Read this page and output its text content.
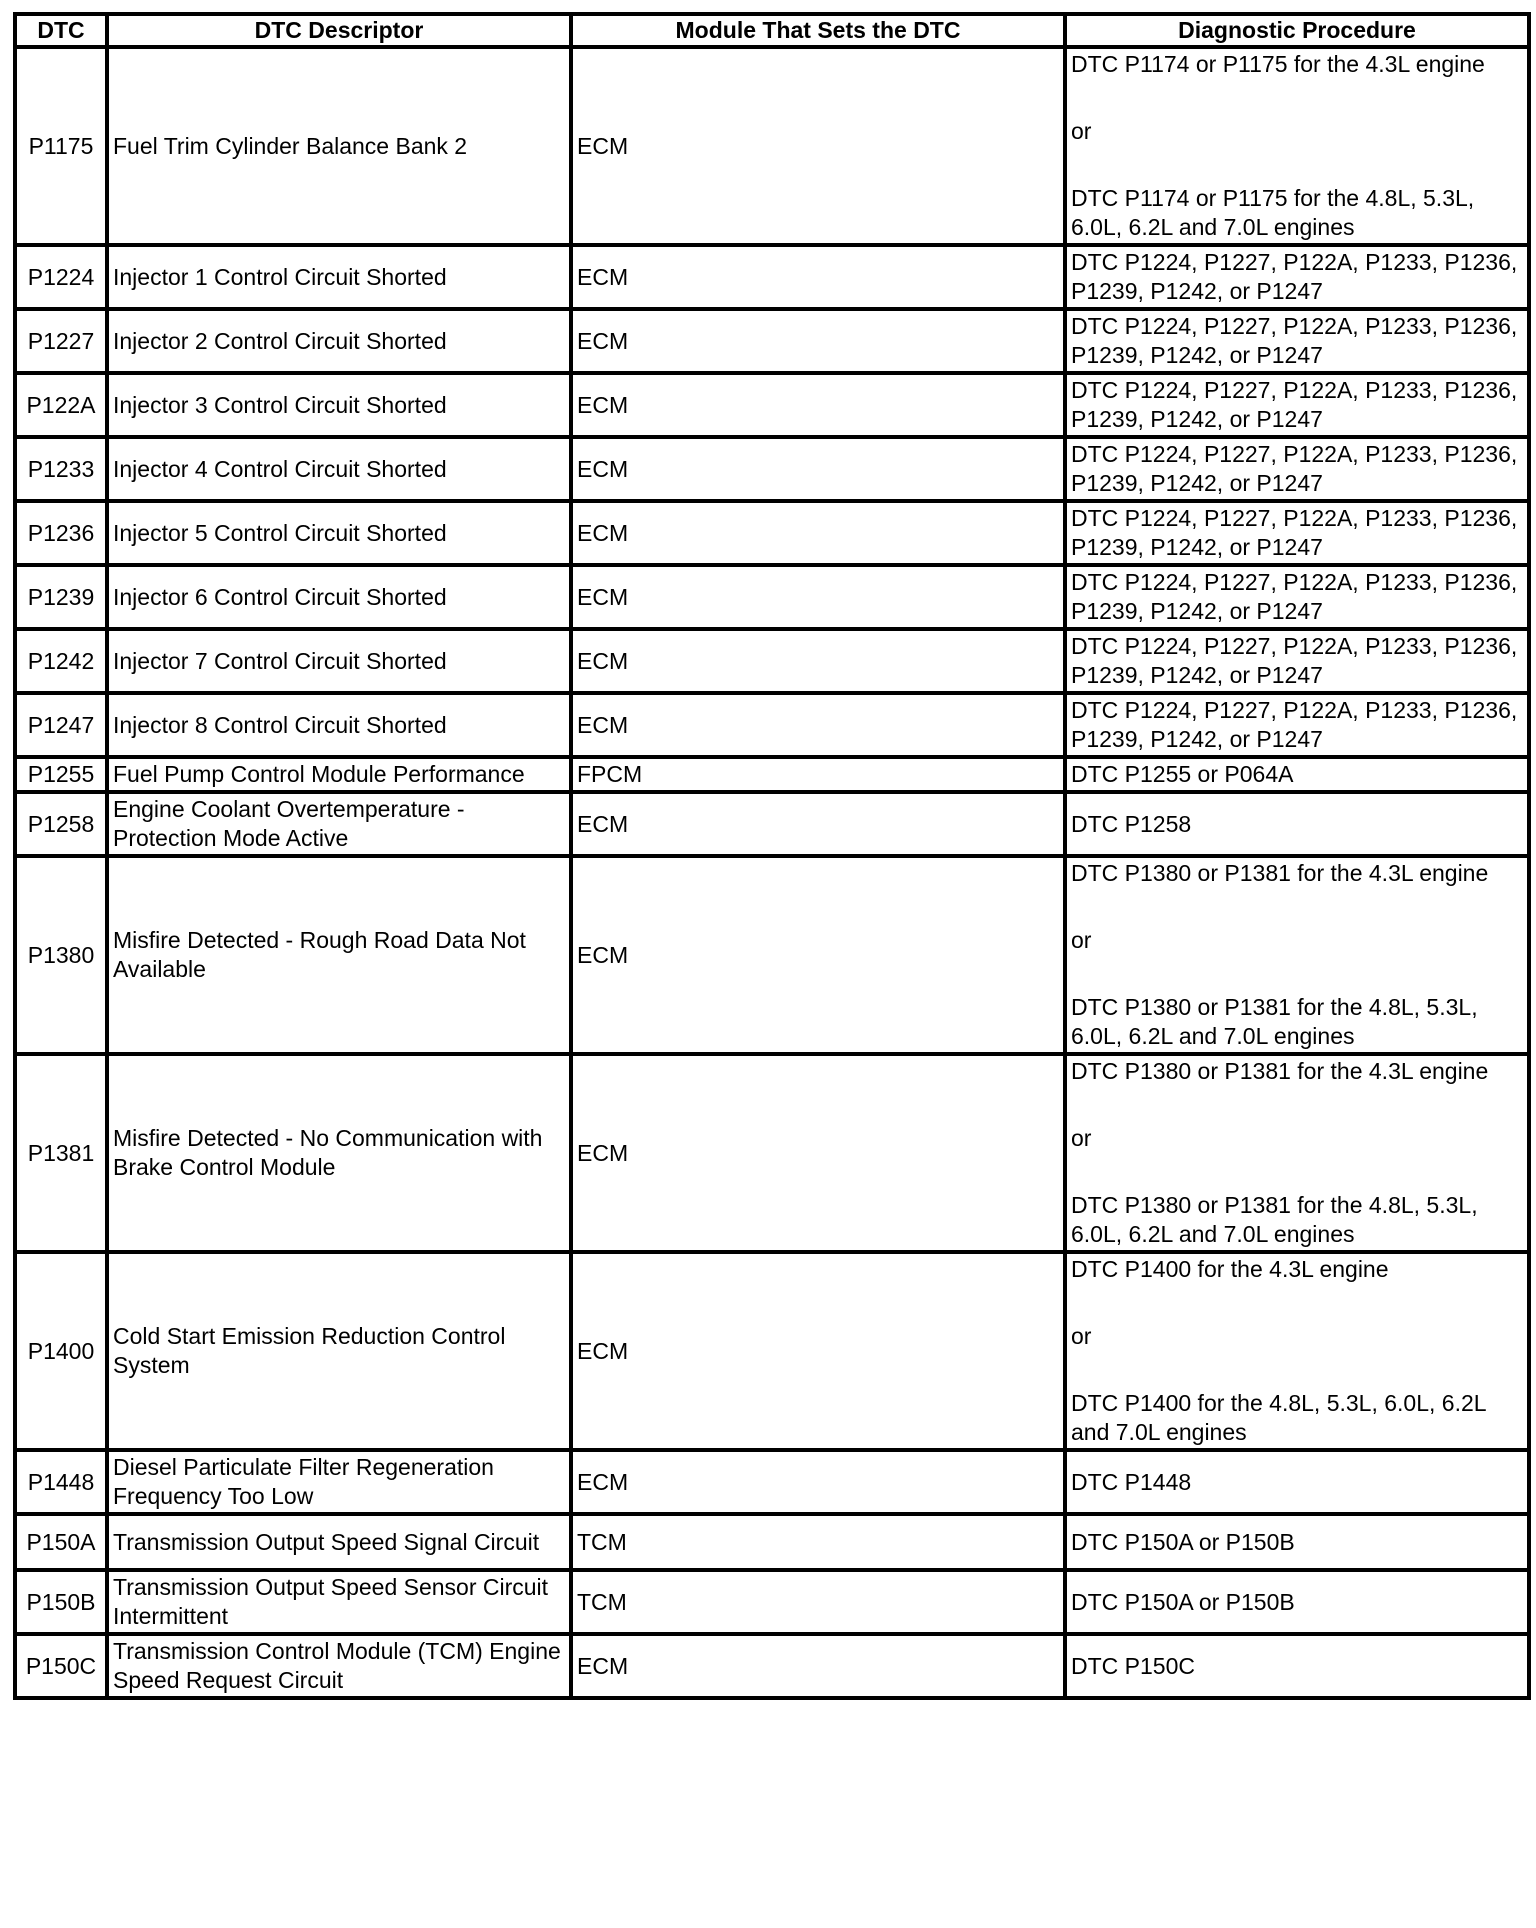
DTC	DTC Descriptor	Module That Sets the DTC	Diagnostic Procedure
P1175	Fuel Trim Cylinder Balance Bank 2	ECM	DTC P1174 or P1175 for the 4.3L engine
or
DTC P1174 or P1175 for the 4.8L, 5.3L, 6.0L, 6.2L and 7.0L engines

P1224	Injector 1 Control Circuit Shorted	ECM	DTC P1224, P1227, P122A, P1233, P1236, P1239, P1242, or P1247

P1227	Injector 2 Control Circuit Shorted	ECM	DTC P1224, P1227, P122A, P1233, P1236, P1239, P1242, or P1247

P122A	Injector 3 Control Circuit Shorted	ECM	DTC P1224, P1227, P122A, P1233, P1236, P1239, P1242, or P1247

P1233	Injector 4 Control Circuit Shorted	ECM	DTC P1224, P1227, P122A, P1233, P1236, P1239, P1242, or P1247

P1236	Injector 5 Control Circuit Shorted	ECM	DTC P1224, P1227, P122A, P1233, P1236, P1239, P1242, or P1247

P1239	Injector 6 Control Circuit Shorted	ECM	DTC P1224, P1227, P122A, P1233, P1236, P1239, P1242, or P1247

P1242	Injector 7 Control Circuit Shorted	ECM	DTC P1224, P1227, P122A, P1233, P1236, P1239, P1242, or P1247

P1247	Injector 8 Control Circuit Shorted	ECM	DTC P1224, P1227, P122A, P1233, P1236, P1239, P1242, or P1247

P1255	Fuel Pump Control Module Performance	FPCM	DTC P1255 or P064A

P1258	Engine Coolant Overtemperature - Protection Mode Active	ECM	DTC P1258

P1380	Misfire Detected - Rough Road Data Not Available	ECM	DTC P1380 or P1381 for the 4.3L engine
or
DTC P1380 or P1381 for the 4.8L, 5.3L, 6.0L, 6.2L and 7.0L engines

P1381	Misfire Detected - No Communication with Brake Control Module	ECM	DTC P1380 or P1381 for the 4.3L engine
or
DTC P1380 or P1381 for the 4.8L, 5.3L, 6.0L, 6.2L and 7.0L engines

P1400	Cold Start Emission Reduction Control System	ECM	DTC P1400 for the 4.3L engine
or
DTC P1400 for the 4.8L, 5.3L, 6.0L, 6.2L and 7.0L engines

P1448	Diesel Particulate Filter Regeneration Frequency Too Low	ECM	DTC P1448

P150A	Transmission Output Speed Signal Circuit	TCM	DTC P150A or P150B

P150B	Transmission Output Speed Sensor Circuit Intermittent	TCM	DTC P150A or P150B

P150C	Transmission Control Module (TCM) Engine Speed Request Circuit	ECM	DTC P150C
